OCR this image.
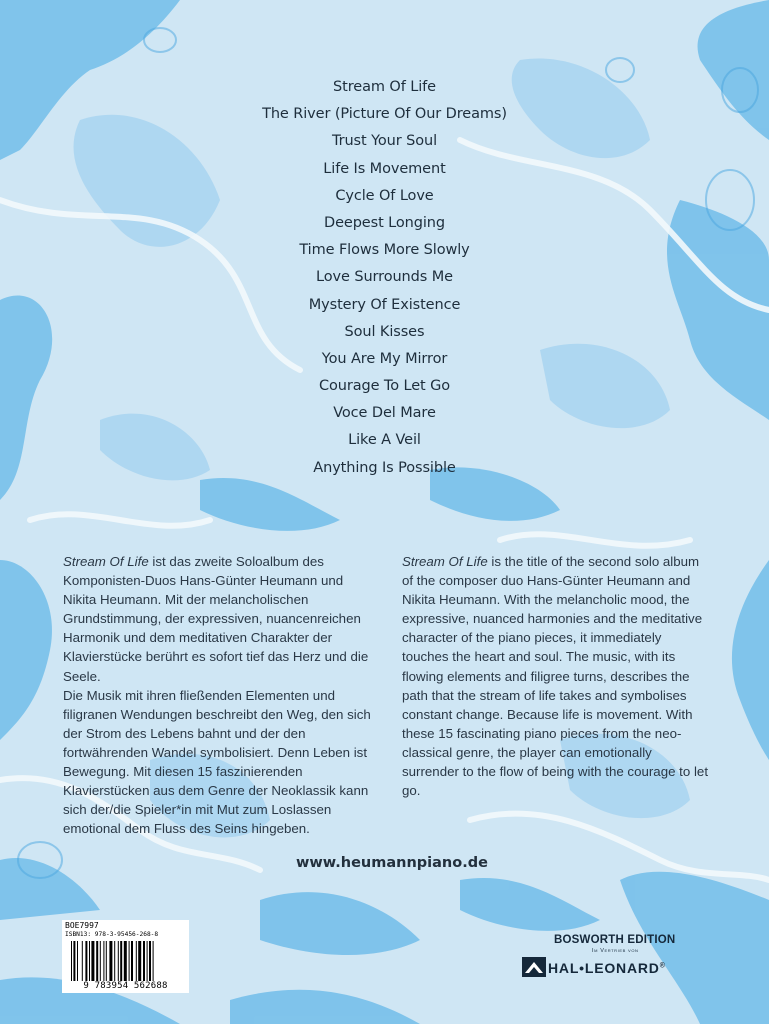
Stream Of Life
The River (Picture Of Our Dreams)
Trust Your Soul
Life Is Movement
Cycle Of Love
Deepest Longing
Time Flows More Slowly
Love Surrounds Me
Mystery Of Existence
Soul Kisses
You Are My Mirror
Courage To Let Go
Voce Del Mare
Like A Veil
Anything Is Possible

Stream Of Life ist das zweite Soloalbum des Komponisten-Duos Hans-Günter Heumann und Nikita Heumann. Mit der melancholischen Grundstimmung, der expressiven, nuancenreichen Harmonik und dem meditativen Charakter der Klavierstücke berührt es sofort tief das Herz und die Seele.

Die Musik mit ihren fließenden Elementen und filigranen Wendungen beschreibt den Weg, den sich der Strom des Lebens bahnt und der den fortwährenden Wandel symbolisiert. Denn Leben ist Bewegung. Mit diesen 15 faszinierenden Klavierstücken aus dem Genre der Neoklassik kann sich der/die Spieler*in mit Mut zum Loslassen emotional dem Fluss des Seins hingeben.

Stream Of Life is the title of the second solo album of the composer duo Hans-Günter Heumann and Nikita Heumann. With the melancholic mood, the expressive, nuanced harmonies and the meditative character of the piano pieces, it immediately touches the heart and soul. The music, with its flowing elements and filigree turns, describes the path that the stream of life takes and symbolises constant change. Because life is movement. With these 15 fascinating piano pieces from the neo-classical genre, the player can emotionally surrender to the flow of being with the courage to let go.

www.heumannpiano.de
BOE7997
ISBN13: 978-3-95456-268-8
9 783954 562688
BOSWORTH EDITION
Im Vertrieb von
HAL•LEONARD®
